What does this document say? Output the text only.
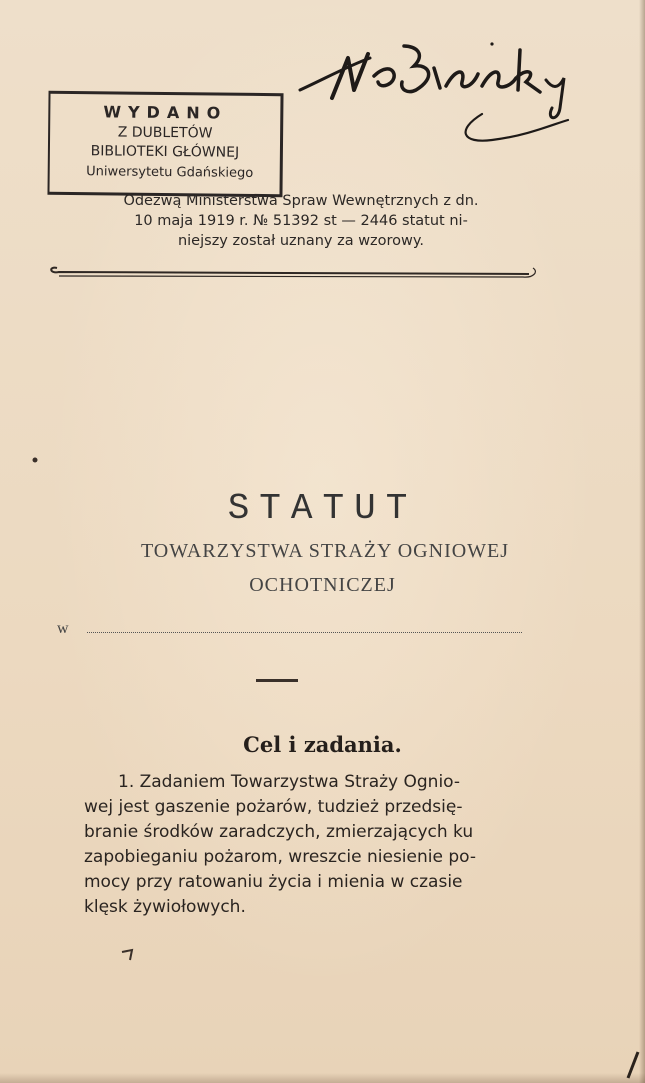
WYDANO
Z DUBLETÓW
BIBLIOTEKI GŁÓWNEJ
Uniwersytetu Gdańskiego
Odezwą Ministerstwa Spraw Wewnętrznych z dn.
10 maja 1919 r. № 51392 st — 2446 statut ni-
niejszy został uznany za wzorowy.
STATUT
TOWARZYSTWA STRAŻY OGNIOWEJ
OCHOTNICZEJ
w
Cel i zadania.
1. Zadaniem Towarzystwa Straży Ognio-
wej jest gaszenie pożarów, tudzież przedsię-
branie środków zaradczych, zmierzających ku
zapobieganiu pożarom, wreszcie niesienie po-
mocy przy ratowaniu życia i mienia w czasie
klęsk żywiołowych.
